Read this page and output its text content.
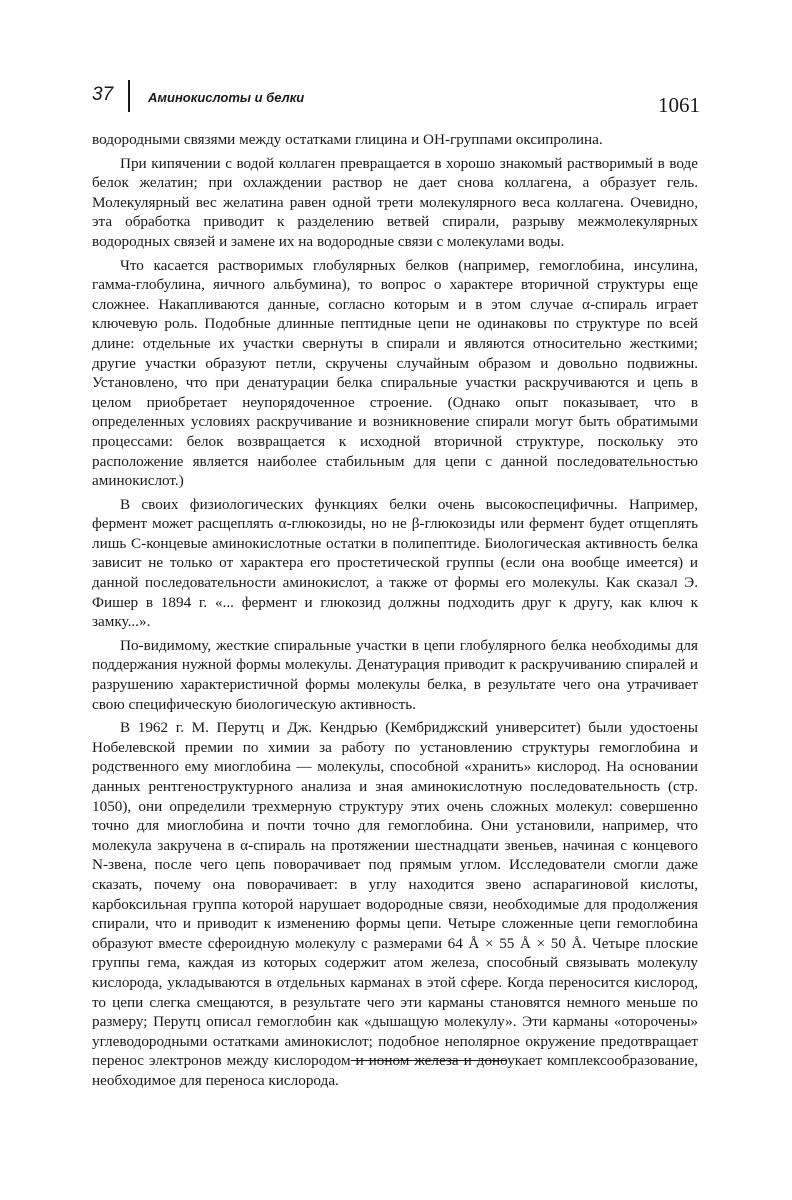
37	Аминокислоты и белки	1061

водородными связями между остатками глицина и OH-группами оксипролина.

При кипячении с водой коллаген превращается в хорошо знакомый растворимый в воде белок желатин; при охлаждении раствор не дает снова коллагена, а образует гель. Молекулярный вес желатина равен одной трети молекулярного веса коллагена. Очевидно, эта обработка приводит к разделению ветвей спирали, разрыву межмолекулярных водородных связей и замене их на водородные связи с молекулами воды.

Что касается растворимых глобулярных белков (например, гемоглобина, инсулина, гамма-глобулина, яичного альбумина), то вопрос о характере вторичной структуры еще сложнее. Накапливаются данные, согласно которым и в этом случае α-спираль играет ключевую роль. Подобные длинные пептидные цепи не одинаковы по структуре по всей длине: отдельные их участки свернуты в спирали и являются относительно жесткими; другие участки образуют петли, скручены случайным образом и довольно подвижны. Установлено, что при денатурации белка спиральные участки раскручиваются и цепь в целом приобретает неупорядоченное строение. (Однако опыт показывает, что в определенных условиях раскручивание и возникновение спирали могут быть обратимыми процессами: белок возвращается к исходной вторичной структуре, поскольку это расположение является наиболее стабильным для цепи с данной последовательностью аминокислот.)

В своих физиологических функциях белки очень высокоспецифичны. Например, фермент может расщеплять α-глюкозиды, но не β-глюкозиды или фермент будет отщеплять лишь C-концевые аминокислотные остатки в полипептиде. Биологическая активность белка зависит не только от характера его простетической группы (если она вообще имеется) и данной последовательности аминокислот, а также от формы его молекулы. Как сказал Э. Фишер в 1894 г. «... фермент и глюкозид должны подходить друг к другу, как ключ к замку...».

По-видимому, жесткие спиральные участки в цепи глобулярного белка необходимы для поддержания нужной формы молекулы. Денатурация приводит к раскручиванию спиралей и разрушению характеристичной формы молекулы белка, в результате чего она утрачивает свою специфическую биологическую активность.

В 1962 г. М. Перутц и Дж. Кендрью (Кембриджский университет) были удостоены Нобелевской премии по химии за работу по установлению структуры гемоглобина и родственного ему миоглобина — молекулы, способной «хранить» кислород. На основании данных рентгеноструктурного анализа и зная аминокислотную последовательность (стр. 1050), они определили трехмерную структуру этих очень сложных молекул: совершенно точно для миоглобина и почти точно для гемоглобина. Они установили, например, что молекула закручена в α-спираль на протяжении шестнадцати звеньев, начиная с концевого N-звена, после чего цепь поворачивает под прямым углом. Исследователи смогли даже сказать, почему она поворачивает: в углу находится звено аспарагиновой кислоты, карбоксильная группа которой нарушает водородные связи, необходимые для продолжения спирали, что и приводит к изменению формы цепи. Четыре сложенные цепи гемоглобина образуют вместе сфероидную молекулу с размерами 64 Å × 55 Å × 50 Å. Четыре плоские группы гема, каждая из которых содержит атом железа, способный связывать молекулу кислорода, укладываются в отдельных карманах в этой сфере. Когда переносится кислород, то цепи слегка смещаются, в результате чего эти карманы становятся немного меньше по размеру; Перутц описал гемоглобин как «дышащую молекулу». Эти карманы «оторочены» углеводородными остатками аминокислот; подобное неполярное окружение предотвращает перенос электронов между кислородом и ионом железа и доноукает комплексообразование, необходимое для переноса кислорода.
